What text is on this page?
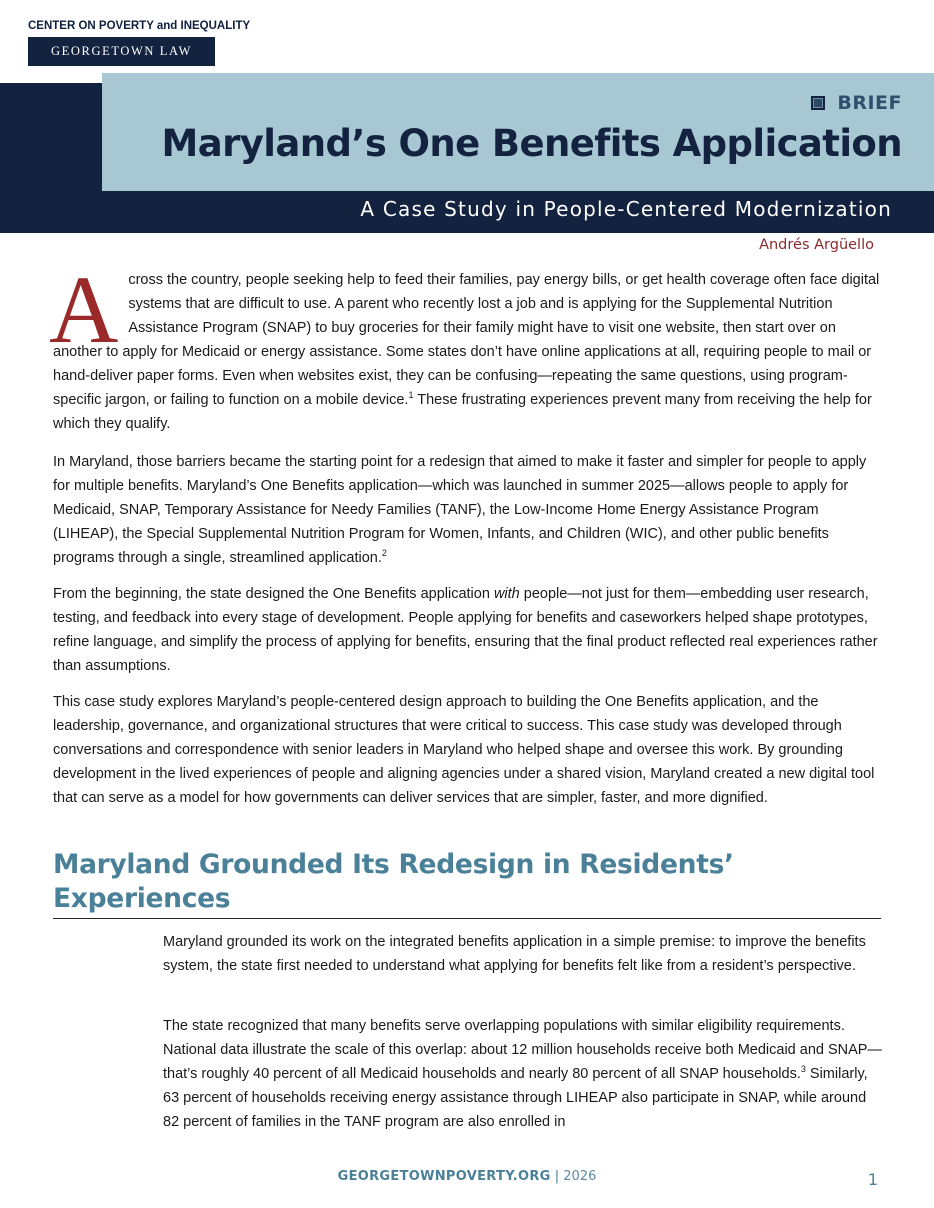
CENTER ON POVERTY and INEQUALITY
GEORGETOWN LAW
BRIEF
Maryland’s One Benefits Application
A Case Study in People-Centered Modernization
Andrés Argüello
A cross the country, people seeking help to feed their families, pay energy bills, or get health coverage often face digital systems that are difficult to use. A parent who recently lost a job and is applying for the Supplemental Nutrition Assistance Program (SNAP) to buy groceries for their family might have to visit one website, then start over on another to apply for Medicaid or energy assistance. Some states don’t have online applications at all, requiring people to mail or hand-deliver paper forms. Even when websites exist, they can be confusing—repeating the same questions, using program-specific jargon, or failing to function on a mobile device.$^1$ These frustrating experiences prevent many from receiving the help for which they qualify.
In Maryland, those barriers became the starting point for a redesign that aimed to make it faster and simpler for people to apply for multiple benefits. Maryland’s One Benefits application—which was launched in summer 2025—allows people to apply for Medicaid, SNAP, Temporary Assistance for Needy Families (TANF), the Low-Income Home Energy Assistance Program (LIHEAP), the Special Supplemental Nutrition Program for Women, Infants, and Children (WIC), and other public benefits programs through a single, streamlined application.$^2$
From the beginning, the state designed the One Benefits application with people—not just for them—embedding user research, testing, and feedback into every stage of development. People applying for benefits and caseworkers helped shape prototypes, refine language, and simplify the process of applying for benefits, ensuring that the final product reflected real experiences rather than assumptions.
This case study explores Maryland’s people-centered design approach to building the One Benefits application, and the leadership, governance, and organizational structures that were critical to success. This case study was developed through conversations and correspondence with senior leaders in Maryland who helped shape and oversee this work. By grounding development in the lived experiences of people and aligning agencies under a shared vision, Maryland created a new digital tool that can serve as a model for how governments can deliver services that are simpler, faster, and more dignified.
Maryland Grounded Its Redesign in Residents’ Experiences
Maryland grounded its work on the integrated benefits application in a simple premise: to improve the benefits system, the state first needed to understand what applying for benefits felt like from a resident’s perspective.
The state recognized that many benefits serve overlapping populations with similar eligibility requirements. National data illustrate the scale of this overlap: about 12 million households receive both Medicaid and SNAP—that’s roughly 40 percent of all Medicaid households and nearly 80 percent of all SNAP households.$^3$ Similarly, 63 percent of households receiving energy assistance through LIHEAP also participate in SNAP, while around 82 percent of families in the TANF program are also enrolled in
GEORGETOWNPOVERTY.ORG | 2026	1
